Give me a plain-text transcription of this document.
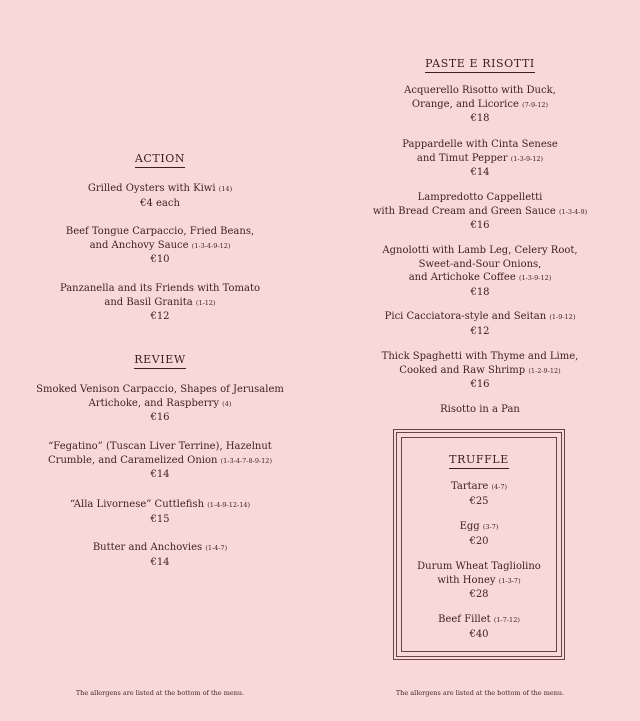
ACTION
Grilled Oysters with Kiwi (14)

€4 each
Beef Tongue Carpaccio, Fried Beans,
and Anchovy Sauce (1-3-4-9-12)

€10
Panzanella and its Friends with Tomato
and Basil Granita (1-12)

€12
REVIEW
Smoked Venison Carpaccio, Shapes of Jerusalem
Artichoke, and Raspberry (4)

€16
“Fegatino” (Tuscan Liver Terrine), Hazelnut
Crumble, and Caramelized Onion (1-3-4-7-8-9-12)

€14
“Alla Livornese” Cuttlefish (1-4-9-12-14)

€15
Butter and Anchovies (1-4-7)

€14
The allergens are listed at the bottom of the menu.
PASTE E RISOTTI
Acquerello Risotto with Duck,
Orange, and Licorice (7-9-12)

€18
Pappardelle with Cinta Senese
and Timut Pepper (1-3-9-12)

€14
Lampredotto Cappelletti
with Bread Cream and Green Sauce (1-3-4-9)

€16
Agnolotti with Lamb Leg, Celery Root,
Sweet-and-Sour Onions,
and Artichoke Coffee (1-3-9-12)

€18
Pici Cacciatora-style and Seitan (1-9-12)

€12
Thick Spaghetti with Thyme and Lime,
Cooked and Raw Shrimp (1-2-9-12)

€16
Risotto in a Pan
TRUFFLE
Tartare (4-7)

€25
Egg (3-7)

€20
Durum Wheat Tagliolino
with Honey (1-3-7)

€28
Beef Fillet (1-7-12)

€40
The allergens are listed at the bottom of the menu.
